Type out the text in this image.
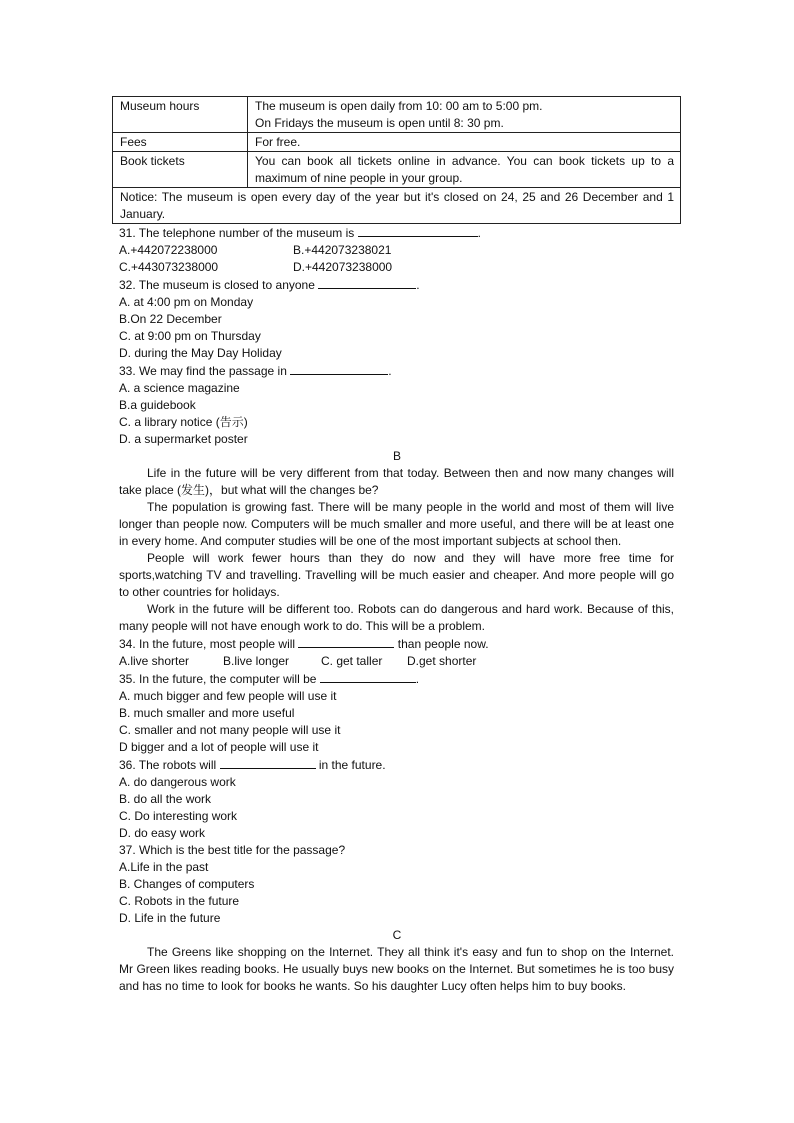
Museum hours	The museum is open daily from 10: 00 am to 5:00 pm.

On Fridays the museum is open until 8: 30 pm.

Fees	For free.

Book tickets	You can book all tickets online in advance. You can book tickets up to a maximum of nine people in your group.

Notice: The museum is open every day of the year but it's closed on 24, 25 and 26 December and 1 January.	
31. The telephone number of the museum is	.
A.+442072238000	B.+442073238021
C.+443073238000	D.+442073238000
32. The museum is closed to anyone	.
A. at 4:00 pm on Monday
B.On 22 December
C. at 9:00 pm on Thursday
D. during the May Day Holiday
33. We may find the passage in	.
A. a science magazine
B.a guidebook
C. a library notice (告示)
D. a supermarket poster

B

Life in the future will be very different from that today. Between then and now many changes will take place (发生)，but what will the changes be?

The population is growing fast. There will be many people in the world and most of them will live longer than people now. Computers will be much smaller and more useful, and there will be at least one in every home. And computer studies will be one of the most important subjects at school then.

People will work fewer hours than they do now and they will have more free time for sports,watching TV and travelling. Travelling will be much easier and cheaper. And more people will go to other countries for holidays.

Work in the future will be different too. Robots can do dangerous and hard work. Because of this, many people will not have enough work to do. This will be a problem.

34. In the future, most people will	than people now.
A.live shorter	B.live longer	C. get taller D.get shorter
35. In the future, the computer will be	.
A. much bigger and few people will use it
B. much smaller and more useful
C. smaller and not many people will use it
D bigger and a lot of people will use it
36. The robots will	in the future.
A. do dangerous work
B. do all the work
C. Do interesting work
D. do easy work
37. Which is the best title for the passage?
A.Life in the past
B. Changes of computers
C. Robots in the future
D. Life in the future

C

The Greens like shopping on the Internet. They all think it's easy and fun to shop on the Internet. Mr Green likes reading books. He usually buys new books on the Internet. But sometimes he is too busy and has no time to look for books he wants. So his daughter Lucy often helps him to buy books.
